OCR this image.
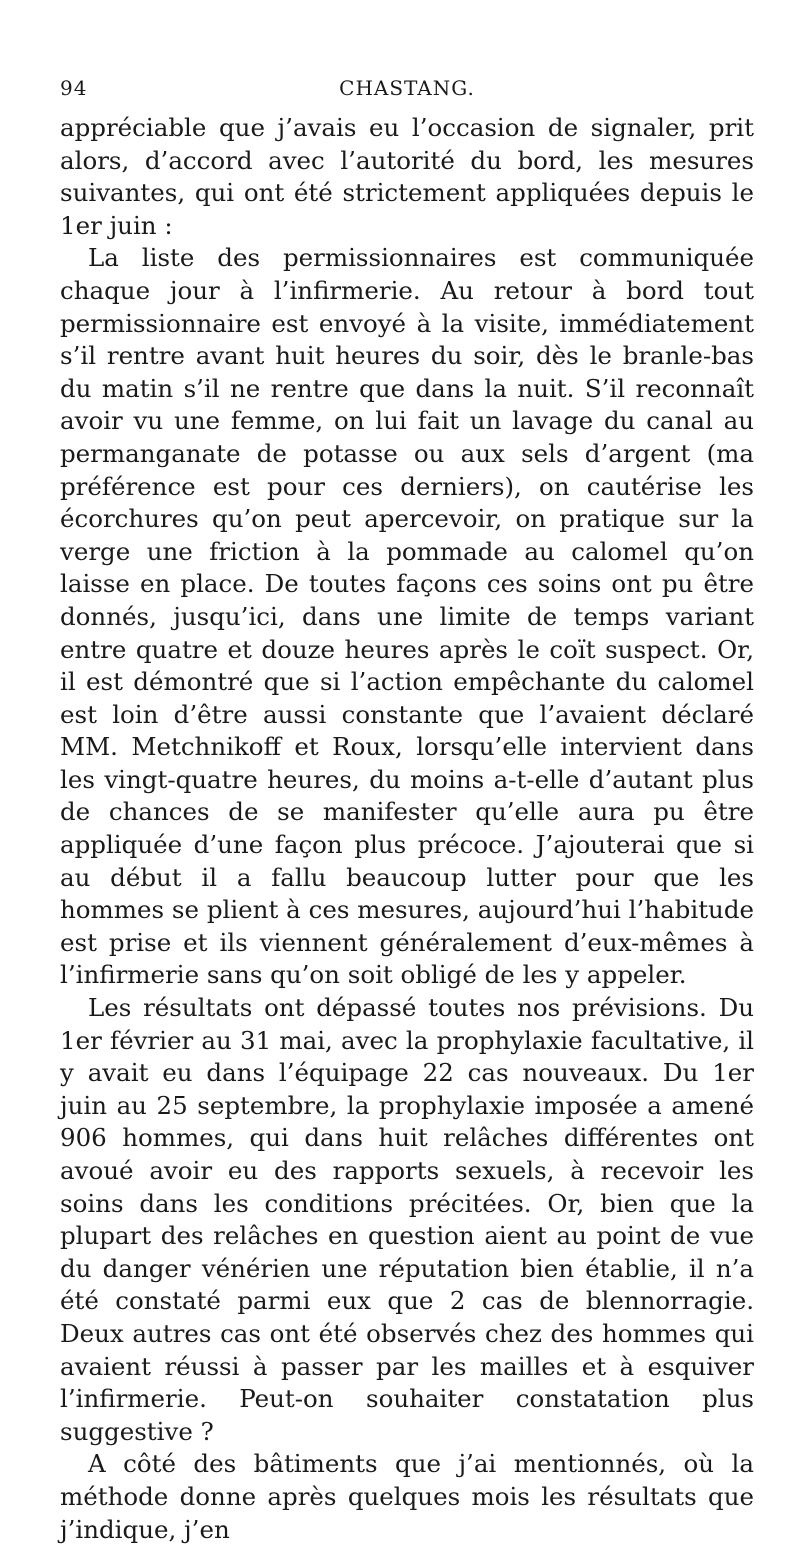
94	CHASTANG.

appréciable que j’avais eu l’occasion de signaler, prit alors, d’accord avec l’autorité du bord, les mesures suivantes, qui ont été strictement appliquées depuis le 1er juin :

La liste des permissionnaires est communiquée chaque jour à l’infirmerie. Au retour à bord tout permissionnaire est envoyé à la visite, immédiatement s’il rentre avant huit heures du soir, dès le branle-bas du matin s’il ne rentre que dans la nuit. S’il reconnaît avoir vu une femme, on lui fait un lavage du canal au permanganate de potasse ou aux sels d’argent (ma préférence est pour ces derniers), on cautérise les écorchures qu’on peut apercevoir, on pratique sur la verge une friction à la pommade au calomel qu’on laisse en place. De toutes façons ces soins ont pu être donnés, jusqu’ici, dans une limite de temps variant entre quatre et douze heures après le coït suspect. Or, il est démontré que si l’action empêchante du calomel est loin d’être aussi constante que l’avaient déclaré MM. Metchnikoff et Roux, lorsqu’elle intervient dans les vingt-quatre heures, du moins a-t-elle d’autant plus de chances de se manifester qu’elle aura pu être appliquée d’une façon plus précoce. J’ajouterai que si au début il a fallu beaucoup lutter pour que les hommes se plient à ces mesures, aujourd’hui l’habitude est prise et ils viennent généralement d’eux-mêmes à l’infirmerie sans qu’on soit obligé de les y appeler.

Les résultats ont dépassé toutes nos prévisions. Du 1er février au 31 mai, avec la prophylaxie facultative, il y avait eu dans l’équipage 22 cas nouveaux. Du 1er juin au 25 septembre, la prophylaxie imposée a amené 906 hommes, qui dans huit relâches différentes ont avoué avoir eu des rapports sexuels, à recevoir les soins dans les conditions précitées. Or, bien que la plupart des relâches en question aient au point de vue du danger vénérien une réputation bien établie, il n’a été constaté parmi eux que 2 cas de blennorragie. Deux autres cas ont été observés chez des hommes qui avaient réussi à passer par les mailles et à esquiver l’infirmerie. Peut-on souhaiter constatation plus suggestive ?

A côté des bâtiments que j’ai mentionnés, où la méthode donne après quelques mois les résultats que j’indique, j’en
